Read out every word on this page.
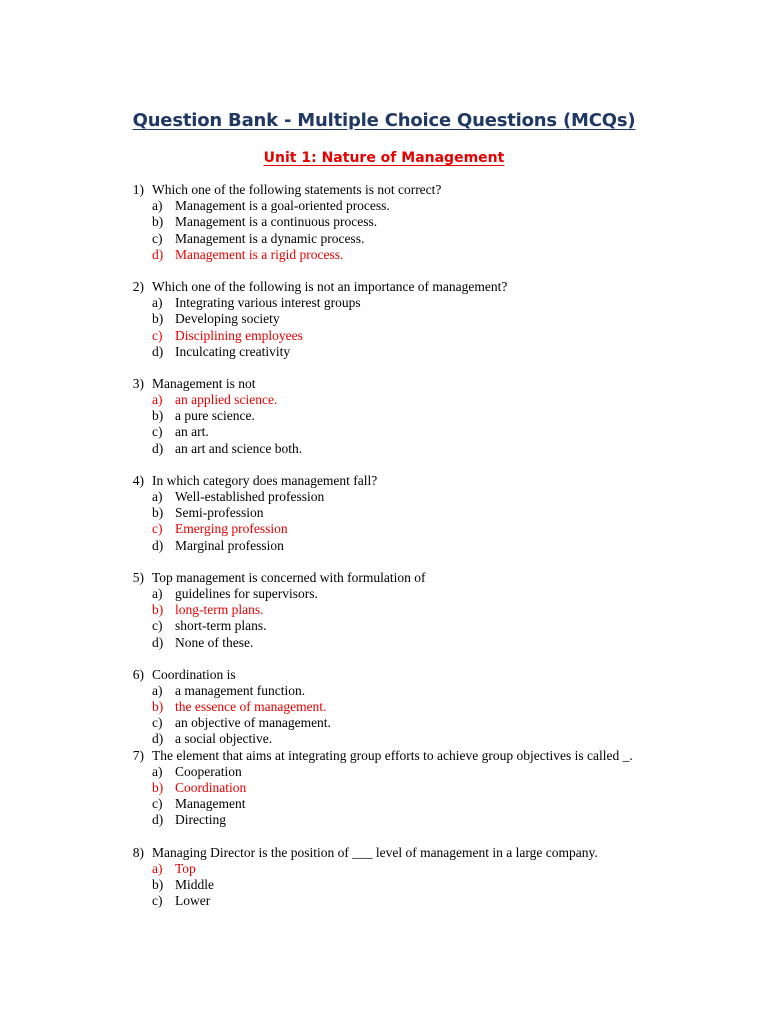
Question Bank - Multiple Choice Questions (MCQs)
Unit 1: Nature of Management
1) Which one of the following statements is not correct?
a) Management is a goal-oriented process.
b) Management is a continuous process.
c) Management is a dynamic process.
d) Management is a rigid process.
2) Which one of the following is not an importance of management?
a) Integrating various interest groups
b) Developing society
c) Disciplining employees
d) Inculcating creativity
3) Management is not
a) an applied science.
b) a pure science.
c) an art.
d) an art and science both.
4) In which category does management fall?
a) Well-established profession
b) Semi-profession
c) Emerging profession
d) Marginal profession
5) Top management is concerned with formulation of
a) guidelines for supervisors.
b) long-term plans.
c) short-term plans.
d) None of these.
6) Coordination is
a) a management function.
b) the essence of management.
c) an objective of management.
d) a social objective.
7) The element that aims at integrating group efforts to achieve group objectives is called _.
a) Cooperation
b) Coordination
c) Management
d) Directing
8) Managing Director is the position of ___ level of management in a large company.
a) Top
b) Middle
c) Lower
